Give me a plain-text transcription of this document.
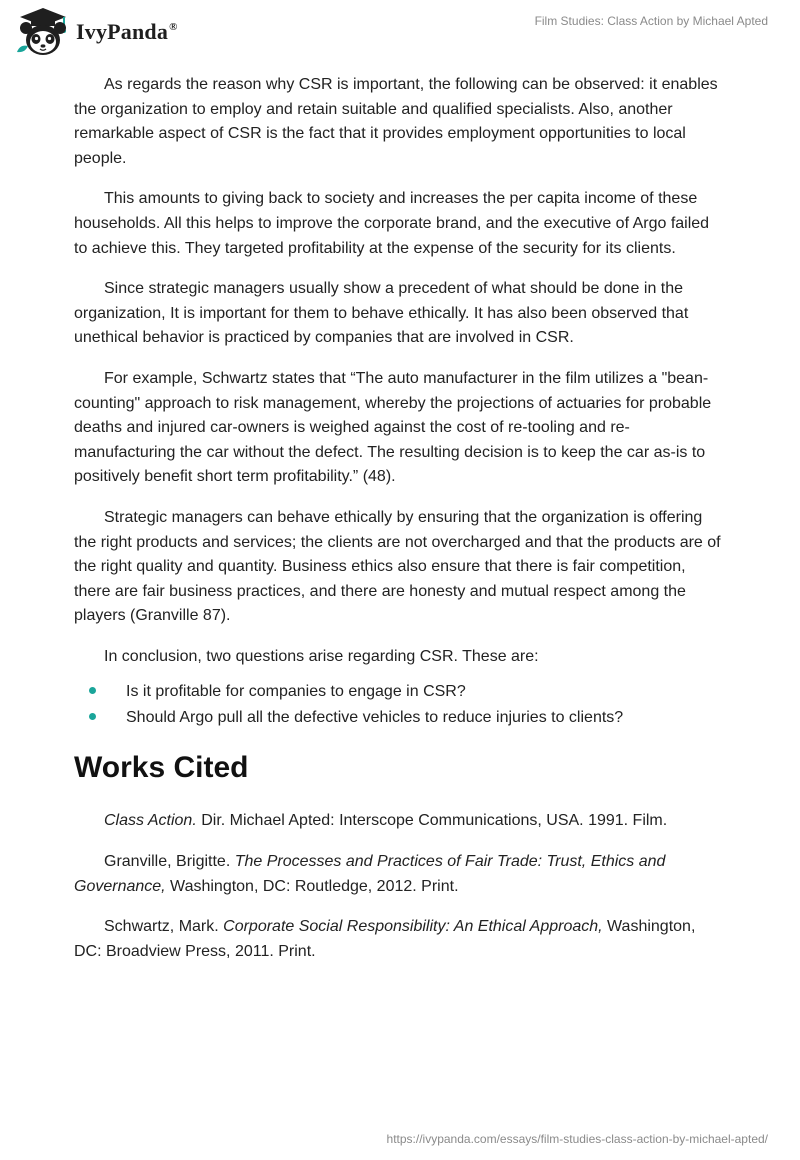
IvyPanda®	Film Studies: Class Action by Michael Apted

As regards the reason why CSR is important, the following can be observed: it enables the organization to employ and retain suitable and qualified specialists. Also, another remarkable aspect of CSR is the fact that it provides employment opportunities to local people.

This amounts to giving back to society and increases the per capita income of these households. All this helps to improve the corporate brand, and the executive of Argo failed to achieve this. They targeted profitability at the expense of the security for its clients.

Since strategic managers usually show a precedent of what should be done in the organization, It is important for them to behave ethically. It has also been observed that unethical behavior is practiced by companies that are involved in CSR.

For example, Schwartz states that “The auto manufacturer in the film utilizes a "bean-counting" approach to risk management, whereby the projections of actuaries for probable deaths and injured car-owners is weighed against the cost of re-tooling and re-manufacturing the car without the defect. The resulting decision is to keep the car as-is to positively benefit short term profitability.” (48).

Strategic managers can behave ethically by ensuring that the organization is offering the right products and services; the clients are not overcharged and that the products are of the right quality and quantity. Business ethics also ensure that there is fair competition, there are fair business practices, and there are honesty and mutual respect among the players (Granville 87).

In conclusion, two questions arise regarding CSR. These are:

Is it profitable for companies to engage in CSR?
Should Argo pull all the defective vehicles to reduce injuries to clients?
Works Cited

Class Action. Dir. Michael Apted: Interscope Communications, USA. 1991. Film.

Granville, Brigitte. The Processes and Practices of Fair Trade: Trust, Ethics and Governance, Washington, DC: Routledge, 2012. Print.

Schwartz, Mark. Corporate Social Responsibility: An Ethical Approach, Washington, DC: Broadview Press, 2011. Print.

https://ivypanda.com/essays/film-studies-class-action-by-michael-apted/
